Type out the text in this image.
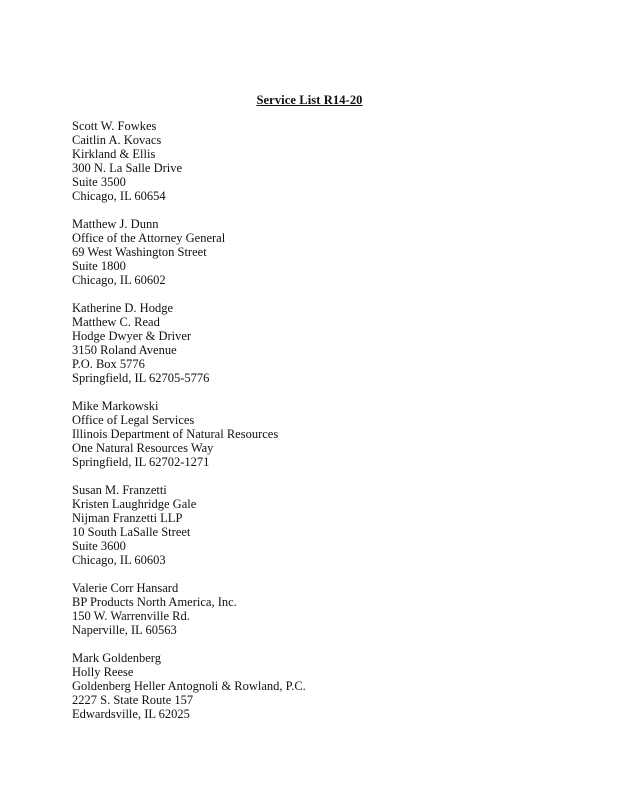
Service List R14-20
Scott W. Fowkes
Caitlin A. Kovacs
Kirkland & Ellis
300 N. La Salle Drive
Suite 3500
Chicago, IL 60654
Matthew J. Dunn
Office of the Attorney General
69 West Washington Street
Suite 1800
Chicago, IL 60602
Katherine D. Hodge
Matthew C. Read
Hodge Dwyer & Driver
3150 Roland Avenue
P.O. Box 5776
Springfield, IL 62705-5776
Mike Markowski
Office of Legal Services
Illinois Department of Natural Resources
One Natural Resources Way
Springfield, IL 62702-1271
Susan M. Franzetti
Kristen Laughridge Gale
Nijman Franzetti LLP
10 South LaSalle Street
Suite 3600
Chicago, IL 60603
Valerie Corr Hansard
BP Products North America, Inc.
150 W. Warrenville Rd.
Naperville, IL 60563
Mark Goldenberg
Holly Reese
Goldenberg Heller Antognoli & Rowland, P.C.
2227 S. State Route 157
Edwardsville, IL 62025
